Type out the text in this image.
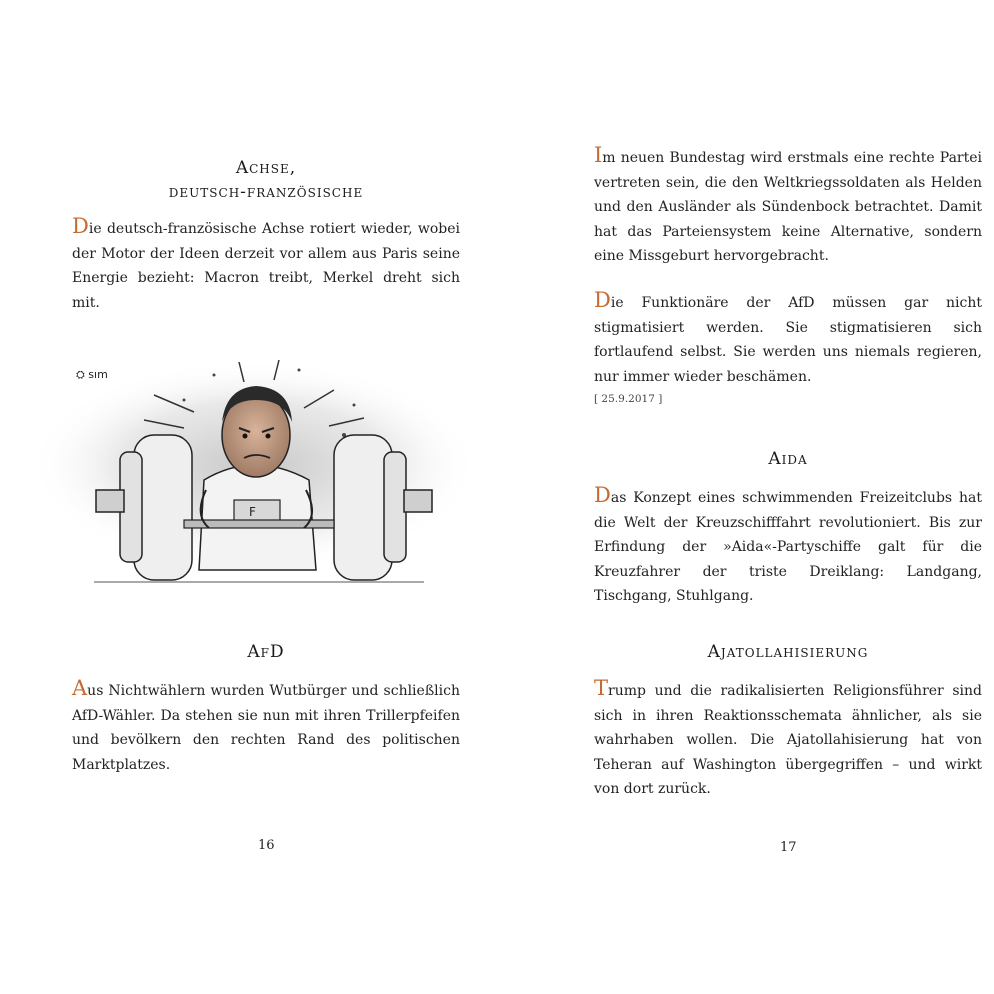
Achse,
deutsch-französische

Die deutsch-französische Achse rotiert wieder, wobei der Motor der Ideen derzeit vor allem aus Paris seine Energie bezieht: Macron treibt, Merkel dreht sich mit.

⛭ sım
F
AfD

Aus Nichtwählern wurden Wutbürger und schließlich AfD-Wähler. Da stehen sie nun mit ihren Trillerpfeifen und bevölkern den rechten Rand des politischen Marktplatzes.

16

Im neuen Bundestag wird erstmals eine rechte Partei vertreten sein, die den Weltkriegssoldaten als Helden und den Ausländer als Sündenbock betrachtet. Damit hat das Parteiensystem keine Alternative, sondern eine Missgeburt hervorgebracht.

Die Funktionäre der AfD müssen gar nicht stigmatisiert werden. Sie stigmatisieren sich fortlaufend selbst. Sie werden uns niemals regieren, nur immer wieder beschämen.

[ 25.9.2017 ]

Aida

Das Konzept eines schwimmenden Freizeitclubs hat die Welt der Kreuzschifffahrt revolutioniert. Bis zur Erfindung der »Aida«-Partyschiffe galt für die Kreuzfahrer der triste Dreiklang: Landgang, Tischgang, Stuhlgang.

Ajatollahisierung

Trump und die radikalisierten Religionsführer sind sich in ihren Reaktionsschemata ähnlicher, als sie wahrhaben wollen. Die Ajatollahisierung hat von Teheran auf Washington übergegriffen – und wirkt von dort zurück.

17
